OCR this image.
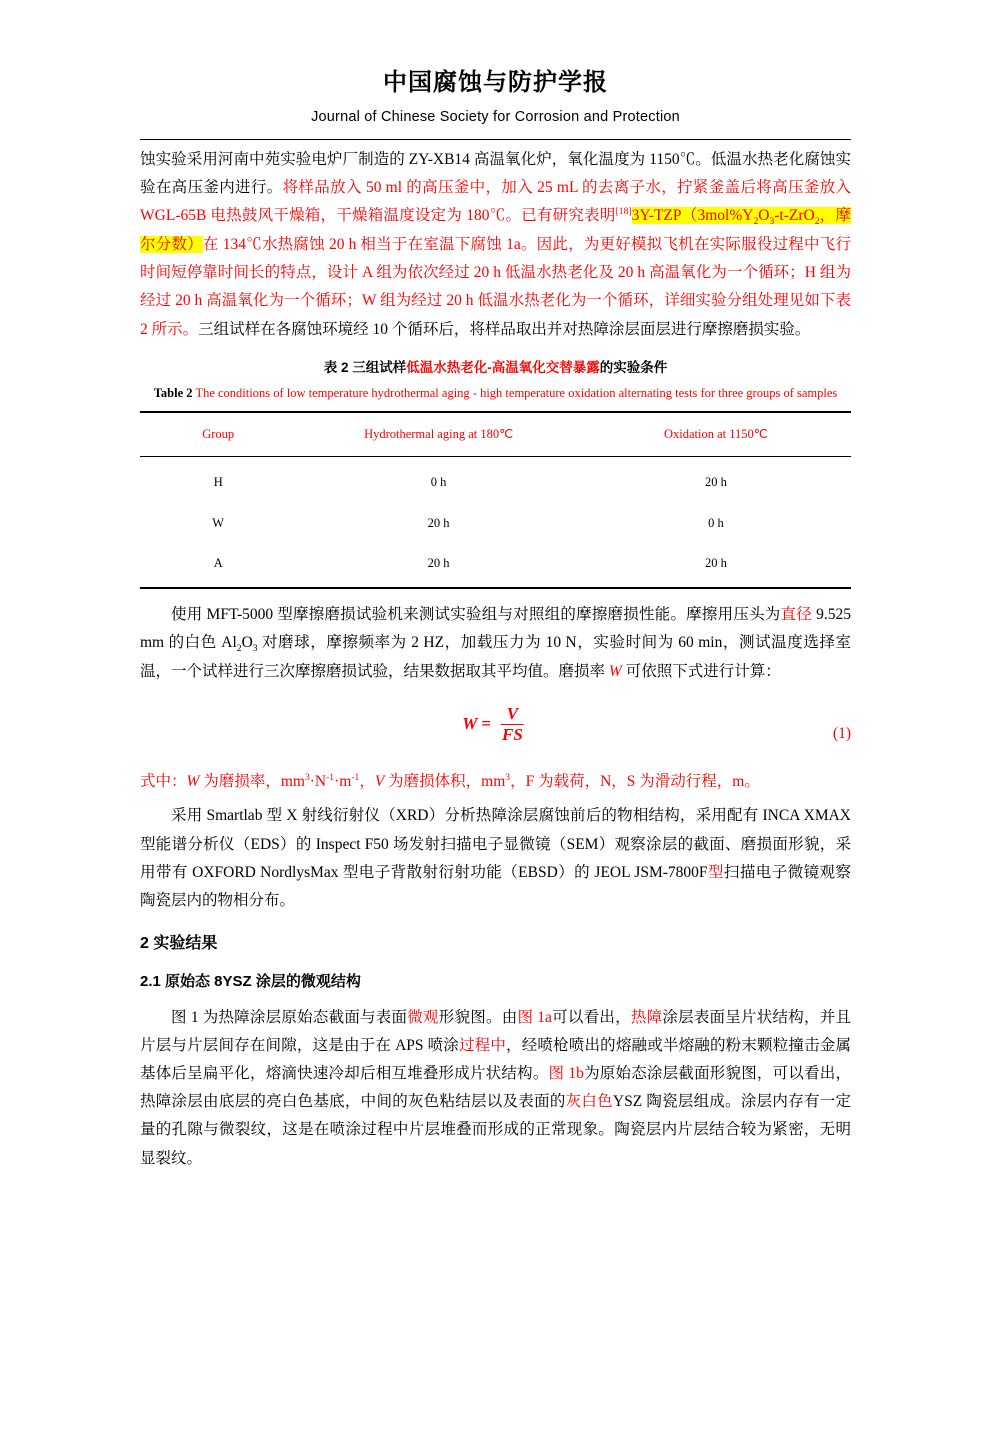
中国腐蚀与防护学报
Journal of Chinese Society for Corrosion and Protection

蚀实验采用河南中苑实验电炉厂制造的 ZY-XB14 高温氧化炉，氧化温度为 1150℃。低温水热老化腐蚀实验在高压釜内进行。将样品放入 50 ml 的高压釜中，加入 25 mL 的去离子水，拧紧釜盖后将高压釜放入 WGL-65B 电热鼓风干燥箱，干燥箱温度设定为 180℃。已有研究表明$[18]3Y-TZP(3mol\%Y_2O_3-t-ZrO_2$，摩尔分数）在 134℃水热腐蚀 20 h 相当于在室温下腐蚀 1a。因此，为更好模拟飞机在实际服役过程中飞行时间短停靠时间长的特点，设计 A 组为依次经过 20 h 低温水热老化及 20 h 高温氧化为一个循环；H 组为经过 20 h 高温氧化为一个循环；W 组为经过 20 h 低温水热老化为一个循环，详细实验分组处理见如下表 2 所示。三组试样在各腐蚀环境经 10 个循环后，将样品取出并对热障涂层面层进行摩擦磨损实验。

表 2 三组试样低温水热老化-高温氧化交替暴露的实验条件
Table 2 The conditions of low temperature hydrothermal aging - high temperature oxidation alternating tests for three groups of samples
Group	Hydrothermal aging at 180℃	Oxidation at 1150℃
H	0 h	20 h
W	20 h	0 h
A	20 h	20 h

使用 MFT-5000 型摩擦磨损试验机来测试实验组与对照组的摩擦磨损性能。摩擦用压头为直径 9.525 mm 的白色 $Al_2O_3$ 对磨球，摩擦频率为 2 HZ，加载压力为 10 N，实验时间为 60 min，测试温度选择室温，一个试样进行三次摩擦磨损试验，结果数据取其平均值。磨损率 W 可依照下式进行计算：

$W = \frac{V}{FS}$	(1)

式中：W 为磨损率，$mm^3\cdot N^{-1}\cdot m^{-1}$，V 为磨损体积，$mm^3$，F 为载荷，N，S 为滑动行程，m。

采用 Smartlab 型 X 射线衍射仪（XRD）分析热障涂层腐蚀前后的物相结构，采用配有 INCA XMAX 型能谱分析仪（EDS）的 Inspect F50 场发射扫描电子显微镜（SEM）观察涂层的截面、磨损面形貌，采用带有 OXFORD NordlysMax 型电子背散射衍射功能（EBSD）的 JEOL JSM-7800F型扫描电子微镜观察陶瓷层内的物相分布。

2 实验结果
2.1 原始态 8YSZ 涂层的微观结构

图 1 为热障涂层原始态截面与表面微观形貌图。由图 1a可以看出，热障涂层表面呈片状结构，并且片层与片层间存在间隙，这是由于在 APS 喷涂过程中，经喷枪喷出的熔融或半熔融的粉末颗粒撞击金属基体后呈扁平化，熔滴快速冷却后相互堆叠形成片状结构。图 1b为原始态涂层截面形貌图，可以看出，热障涂层由底层的亮白色基底，中间的灰色粘结层以及表面的灰白色YSZ 陶瓷层组成。涂层内存有一定量的孔隙与微裂纹，这是在喷涂过程中片层堆叠而形成的正常现象。陶瓷层内片层结合较为紧密，无明显裂纹。
